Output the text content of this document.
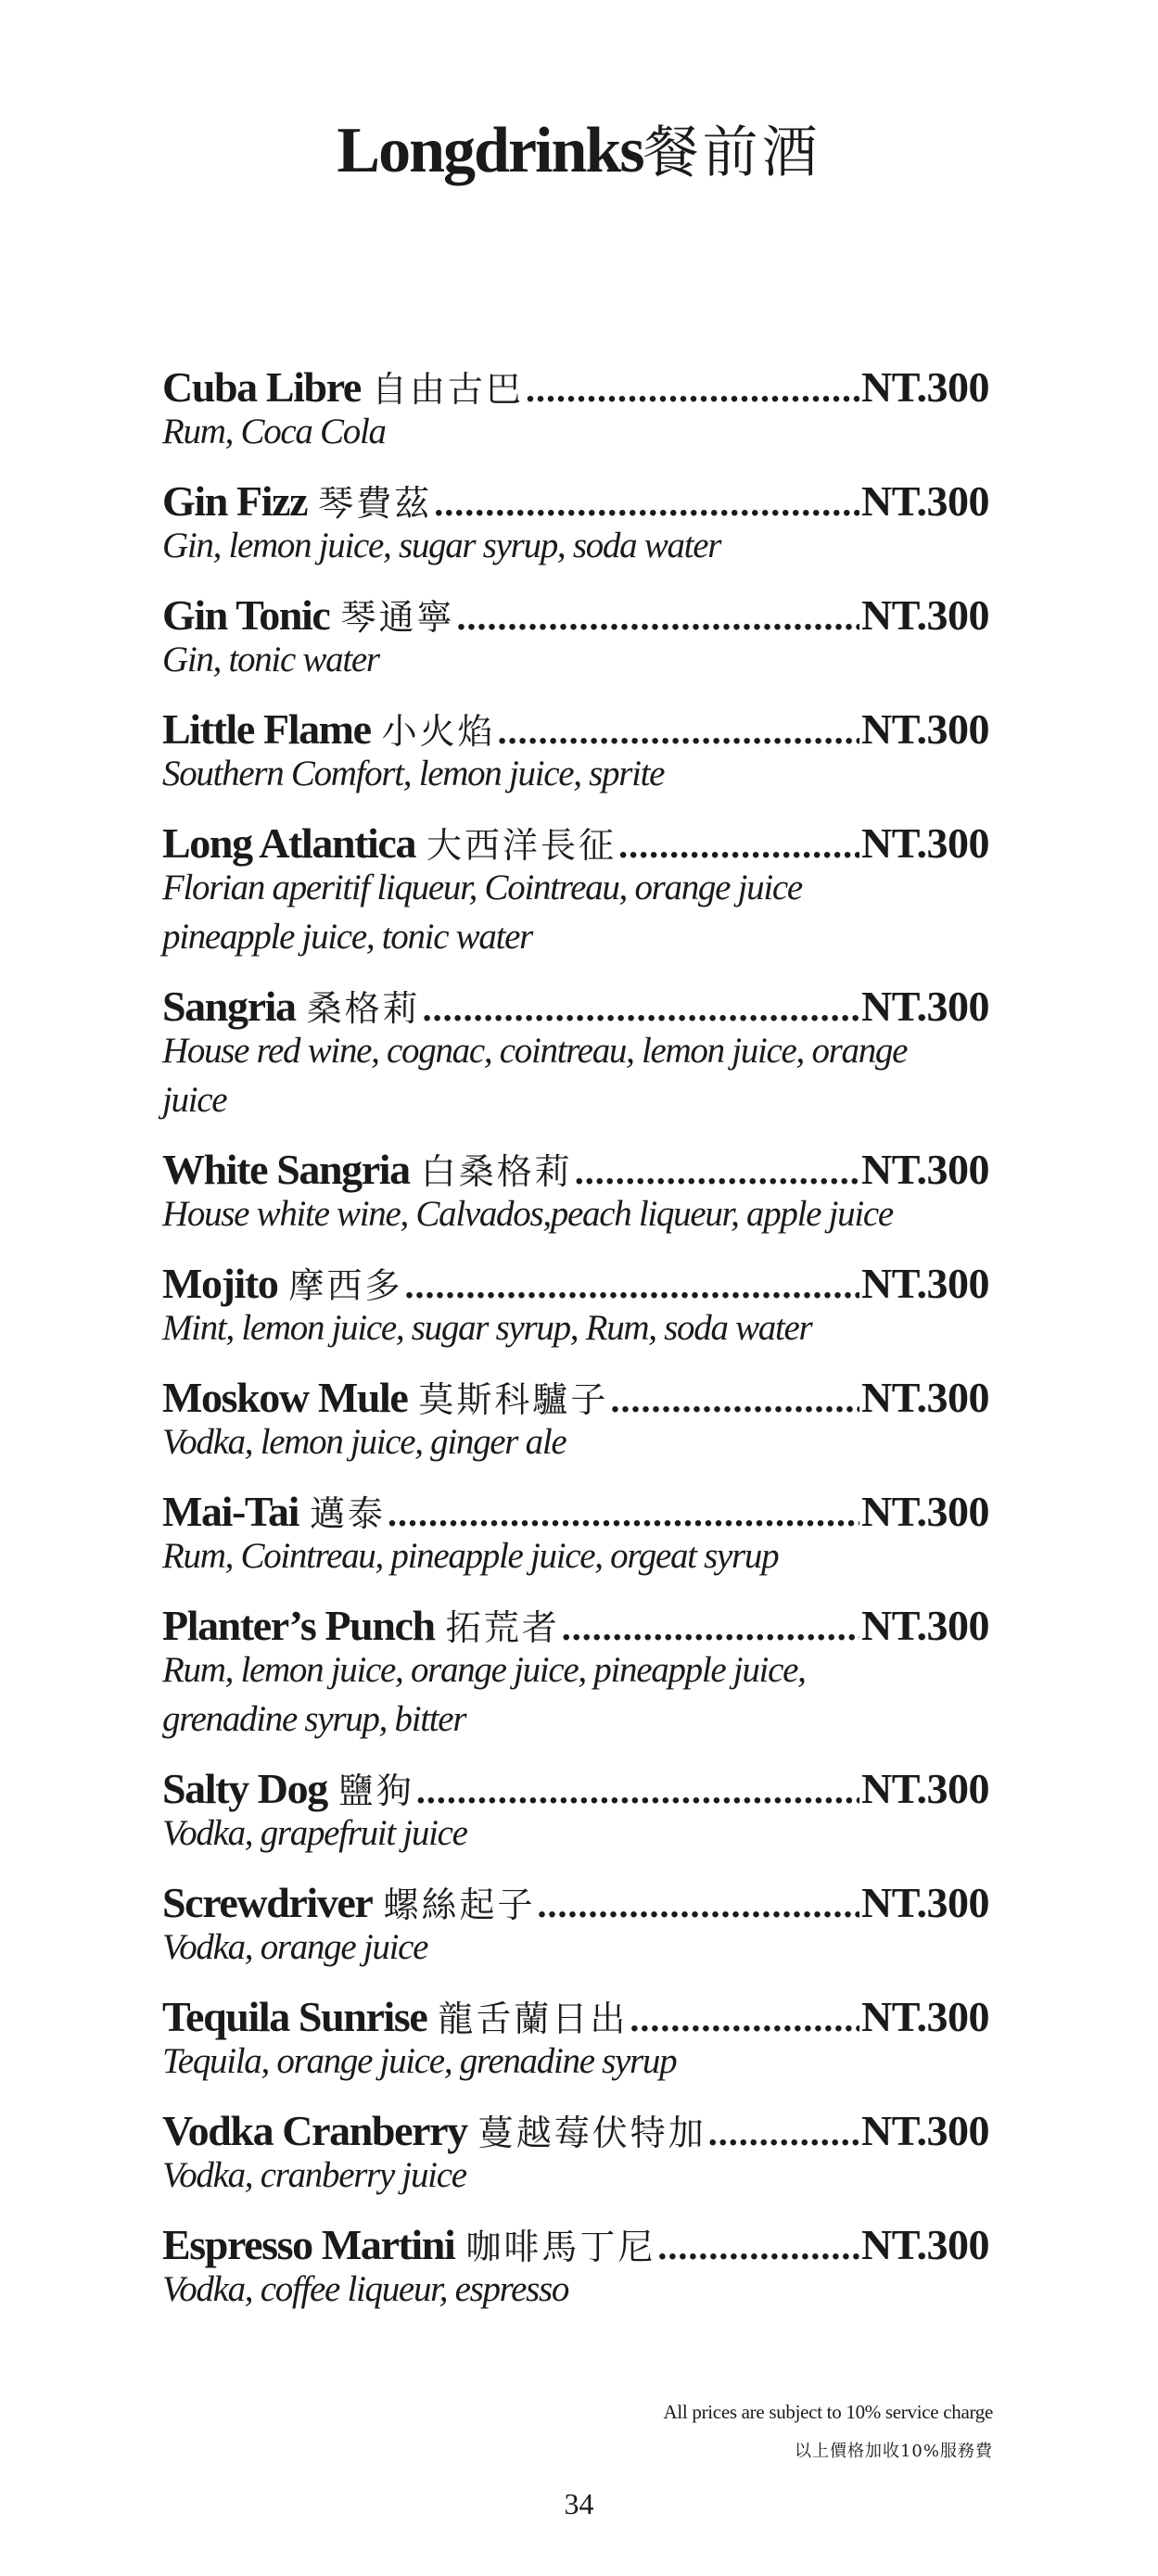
Longdrinks餐前酒
Cuba Libre 自由古巴 .....	NT.300
Rum, Coca Cola
Gin Fizz 琴費茲 .....	NT.300
Gin, lemon juice, sugar syrup, soda water
Gin Tonic 琴通寧 .....	NT.300
Gin, tonic water
Little Flame 小火焰 .....	NT.300
Southern Comfort, lemon juice, sprite
Long Atlantica 大西洋長征 .....	NT.300
Florian aperitif liqueur, Cointreau, orange juice
pineapple juice, tonic water
Sangria 桑格莉 .....	NT.300
House red wine, cognac, cointreau, lemon juice, orange
juice
White Sangria 白桑格莉 .....	NT.300
House white wine, Calvados,peach liqueur, apple juice
Mojito 摩西多 .....	NT.300
Mint, lemon juice, sugar syrup, Rum, soda water
Moskow Mule 莫斯科驢子 .....	NT.300
Vodka, lemon juice, ginger ale
Mai-Tai 邁泰 .....	NT.300
Rum, Cointreau, pineapple juice, orgeat syrup
Planter’s Punch 拓荒者 .....	NT.300
Rum, lemon juice, orange juice, pineapple juice,
grenadine syrup, bitter
Salty Dog 鹽狗 .....	NT.300
Vodka, grapefruit juice
Screwdriver 螺絲起子 .....	NT.300
Vodka, orange juice
Tequila Sunrise 龍舌蘭日出 .....	NT.300
Tequila, orange juice, grenadine syrup
Vodka Cranberry 蔓越莓伏特加 .....	NT.300
Vodka, cranberry juice
Espresso Martini 咖啡馬丁尼 .....	NT.300
Vodka, coffee liqueur, espresso
All prices are subject to 10% service charge
以上價格加收10%服務費
34
